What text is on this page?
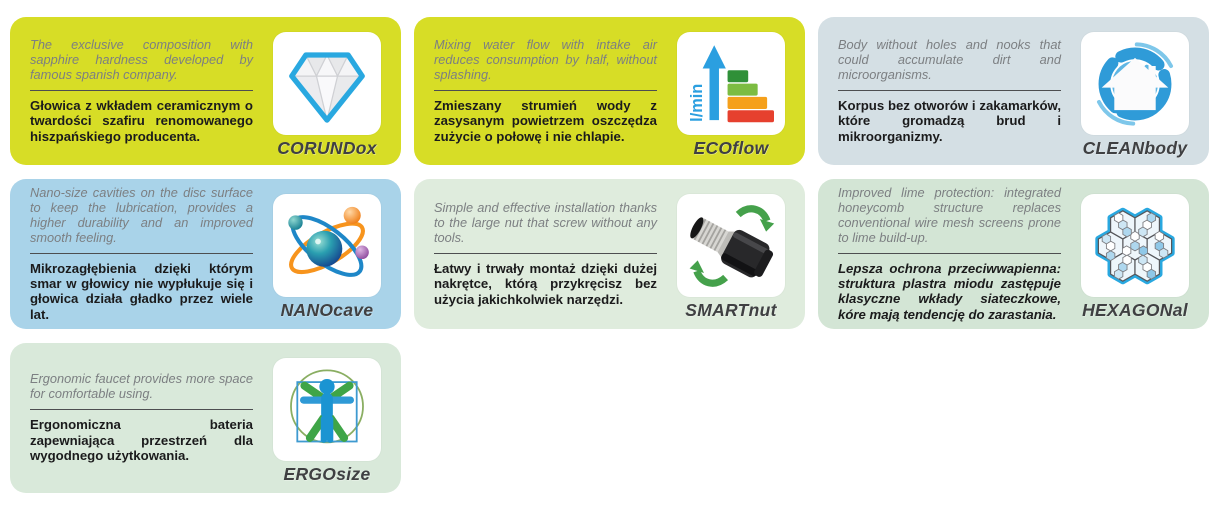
The exclusive composition with sapphire hardness developed by famous spanish company.

Głowica z wkładem ceramicznym o twardości szafiru renomowanego hiszpańskiego producenta.

CORUNDox

Mixing water flow with intake air reduces consumption by half, without splashing.

Zmieszany strumień wody z zasysanym powietrzem oszczędza zużycie o połowę i nie chlapie.

l/min
ECOflow

Body without holes and nooks that could accumulate dirt and microorganisms.

Korpus bez otworów i zakamarków, które gromadzą brud i mikroorganizmy.

CLEANbody

Nano-size cavities on the disc surface to keep the lubrication, provides a higher durability and an improved smooth feeling.

Mikrozagłębienia dzięki którym smar w głowicy nie wypłukuje się i głowica działa gładko przez wiele lat.	NANOcave

Simple and effective installation thanks to the large nut that screw without any tools.

Łatwy i trwały montaż dzięki dużej nakrętce, którą przykręcisz bez użycia jakichkolwiek narzędzi.

SMARTnut

Improved lime protection: integrated honeycomb structure replaces conventional wire mesh screens prone to lime build-up.

Lepsza ochrona przeciwwapienna: struktura plastra miodu zastępuje klasyczne wkłady siateczkowe, kóre mają tendencję do zarastania. HEXAGONal

Ergonomic faucet provides more space for comfortable using.

Ergonomiczna bateria zapewniająca przestrzeń dla wygodnego użytkowania.

ERGOsize
